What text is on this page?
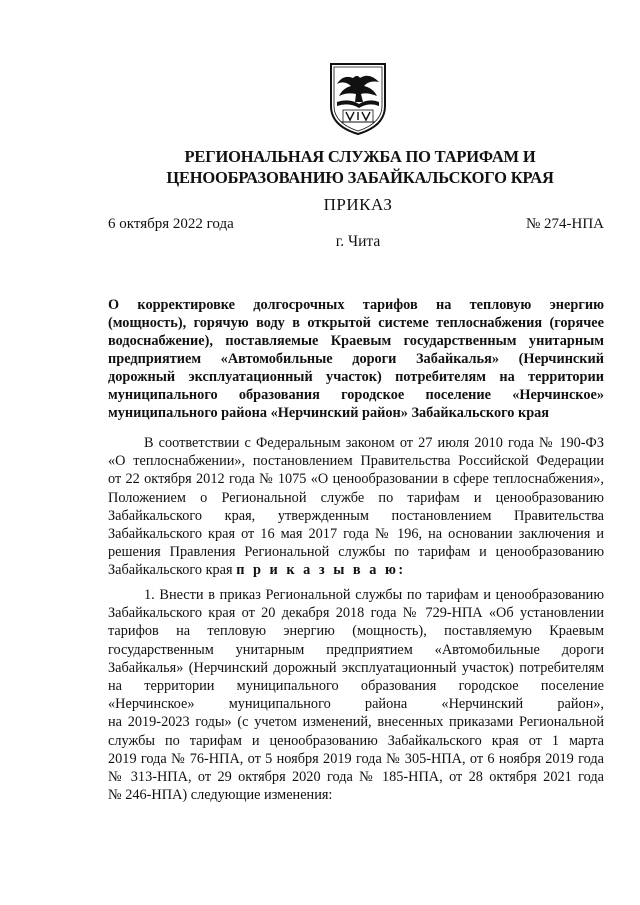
РЕГИОНАЛЬНАЯ СЛУЖБА ПО ТАРИФАМ И
ЦЕНООБРАЗОВАНИЮ ЗАБАЙКАЛЬСКОГО КРАЯ
ПРИКАЗ
6 октября 2022 года	№ 274-НПА
г. Чита
О корректировке долгосрочных тарифов на тепловую энергию
(мощность), горячую воду в открытой системе теплоснабжения (горячее
водоснабжение), поставляемые Краевым государственным унитарным
предприятием «Автомобильные дороги Забайкалья» (Нерчинский
дорожный эксплуатационный участок) потребителям на территории
муниципального образования городское поселение «Нерчинское»
муниципального района «Нерчинский район» Забайкальского края
В соответствии с Федеральным законом от 27 июля 2010 года № 190-ФЗ
«О теплоснабжении», постановлением Правительства Российской Федерации
от 22 октября 2012 года № 1075 «О ценообразовании в сфере теплоснабжения»,
Положением о Региональной службе по тарифам и ценообразованию
Забайкальского края, утвержденным постановлением Правительства
Забайкальского края от 16 мая 2017 года № 196, на основании заключения и
решения Правления Региональной службы по тарифам и ценообразованию
Забайкальского края п р и к а з ы в а ю:
1. Внести в приказ Региональной службы по тарифам и ценообразованию
Забайкальского края от 20 декабря 2018 года № 729-НПА «Об установлении
тарифов на тепловую энергию (мощность), поставляемую Краевым
государственным унитарным предприятием «Автомобильные дороги
Забайкалья» (Нерчинский дорожный эксплуатационный участок) потребителям
на территории муниципального образования городское поселение
«Нерчинское» муниципального района «Нерчинский район»,
на 2019-2023 годы» (с учетом изменений, внесенных приказами Региональной
службы по тарифам и ценообразованию Забайкальского края от 1 марта
2019 года № 76-НПА, от 5 ноября 2019 года № 305-НПА, от 6 ноября 2019 года
№ 313-НПА, от 29 октября 2020 года № 185-НПА, от 28 октября 2021 года
№ 246-НПА) следующие изменения:
